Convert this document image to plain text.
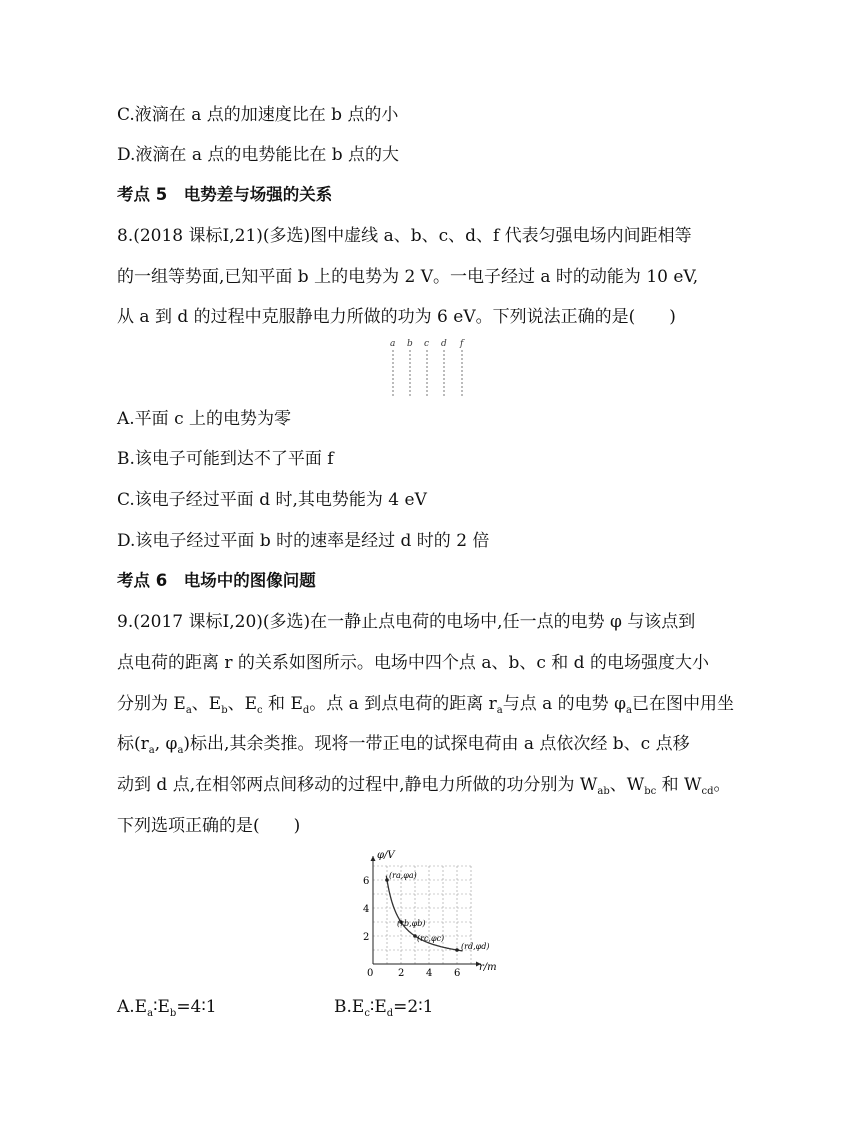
C.液滴在 a 点的加速度比在 b 点的小
D.液滴在 a 点的电势能比在 b 点的大
考点 5　电势差与场强的关系
8.(2018 课标Ⅰ,21)(多选)图中虚线 a、b、c、d、f 代表匀强电场内间距相等
的一组等势面,已知平面 b 上的电势为 2 V。一电子经过 a 时的动能为 10 eV,
从 a 到 d 的过程中克服静电力所做的功为 6 eV。下列说法正确的是(　　)
a b c d f
A.平面 c 上的电势为零
B.该电子可能到达不了平面 f
C.该电子经过平面 d 时,其电势能为 4 eV
D.该电子经过平面 b 时的速率是经过 d 时的 2 倍
考点 6　电场中的图像问题
9.(2017 课标Ⅰ,20)(多选)在一静止点电荷的电场中,任一点的电势 φ 与该点到
点电荷的距离 r 的关系如图所示。电场中四个点 a、b、c 和 d 的电场强度大小
分别为 $E_a$、$E_b$、$E_c$ 和 $E_d$。点 a 到点电荷的距离 $r_a$与点 a 的电势 $\varphi_a$已在图中用坐
标($r_a$, $\varphi_a$)标出,其余类推。现将一带正电的试探电荷由 a 点依次经 b、c 点移
动到 d 点,在相邻两点间移动的过程中,静电力所做的功分别为 $W_{ab}$、$W_{bc}$ 和 $W_{cd}$。
下列选项正确的是(　　)
0 2 4 6
2
4
6
(ra,φa)
(rb,φb)
(rc,φc)
(rd,φd)
φ/V
r/m
$A.E_a∶E_b=4∶1$	$B.E_c∶E_d=2∶1$
